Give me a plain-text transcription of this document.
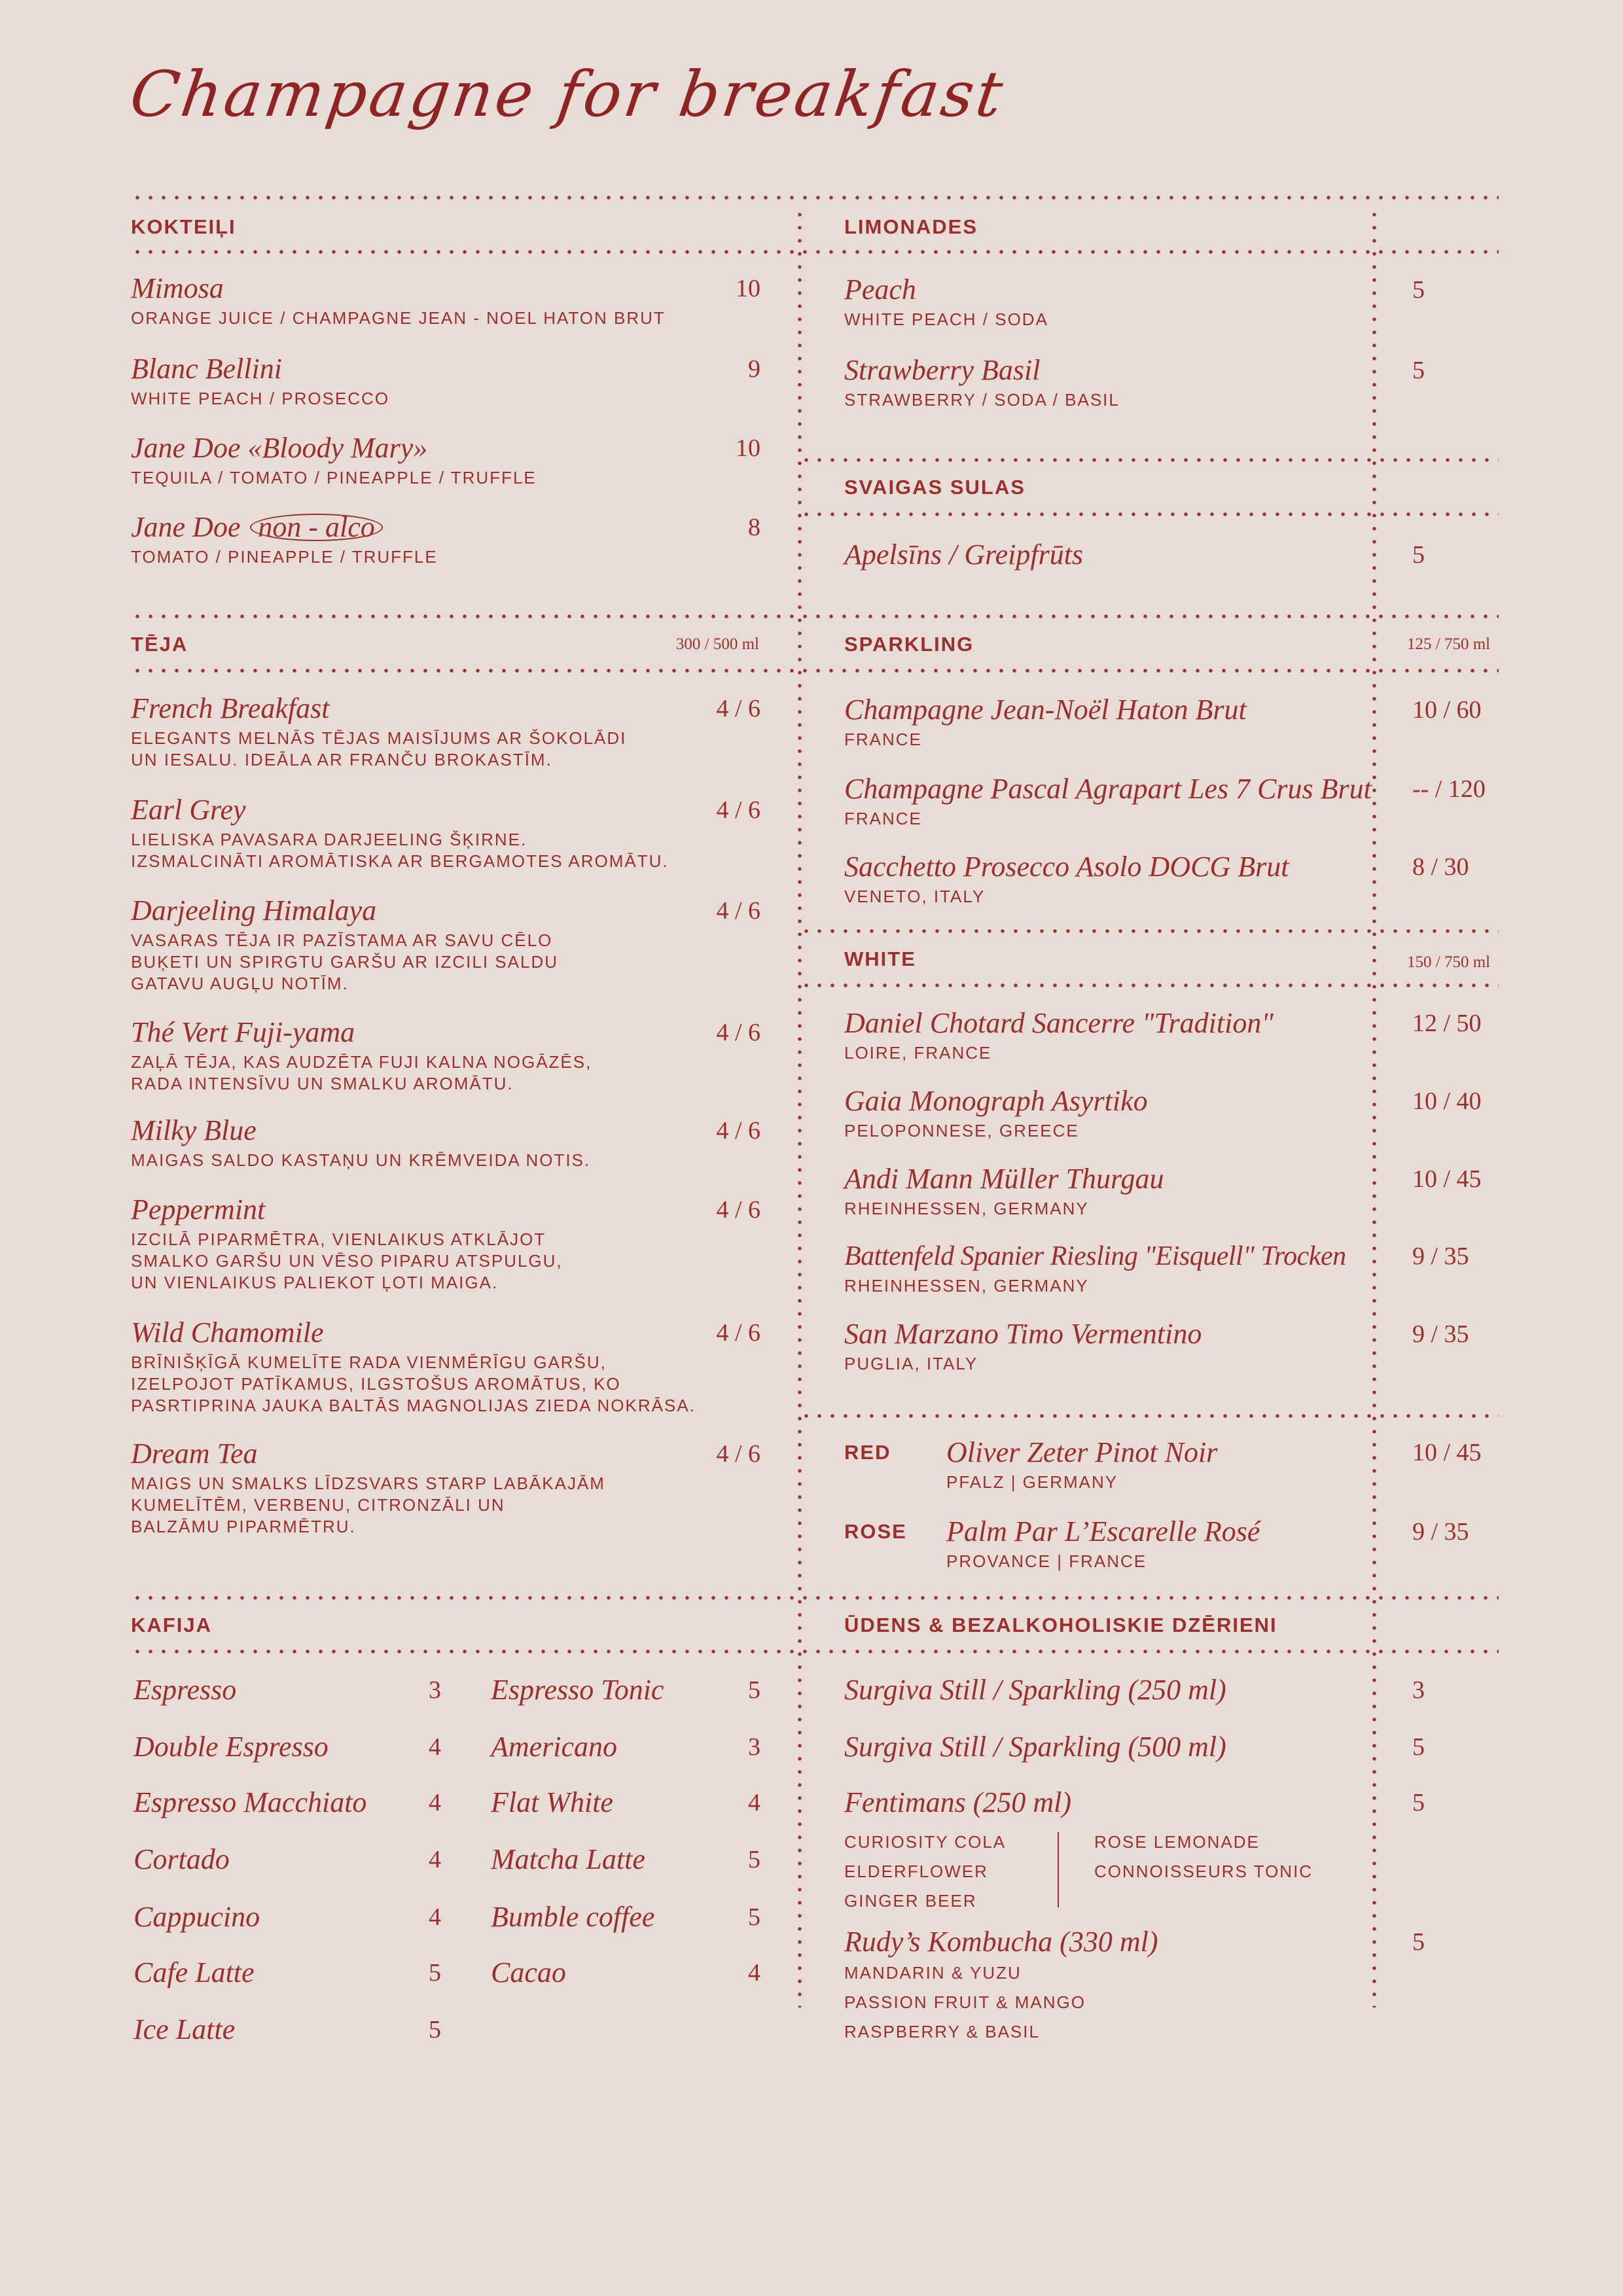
Champagne for breakfast
KOKTEIĻI
Mimosa	10
ORANGE JUICE / CHAMPAGNE JEAN - NOEL HATON BRUT
Blanc Bellini	9
WHITE PEACH / PROSECCO
Jane Doe «Bloody Mary»	10
TEQUILA / TOMATO / PINEAPPLE / TRUFFLE
Jane Doe non - alco	8
TOMATO / PINEAPPLE / TRUFFLE
TĒJA	300 / 500 ml
French Breakfast	4 / 6
ELEGANTS MELNĀS TĒJAS MAISĪJUMS AR ŠOKOLĀDI
UN IESALU. IDEĀLA AR FRANČU BROKASTĪM.
Earl Grey	4 / 6
LIELISKA PAVASARA DARJEELING ŠĶIRNE.
IZSMALCINĀTI AROMĀTISKA AR BERGAMOTES AROMĀTU.
Darjeeling Himalaya	4 / 6
VASARAS TĒJA IR PAZĪSTAMA AR SAVU CĒLO
BUĶETI UN SPIRGTU GARŠU AR IZCILI SALDU
GATAVU AUGĻU NOTĪM.
Thé Vert Fuji-yama	4 / 6
ZAĻĀ TĒJA, KAS AUDZĒTA FUJI KALNA NOGĀZĒS,
RADA INTENSĪVU UN SMALKU AROMĀTU.
Milky Blue	4 / 6
MAIGAS SALDO KASTAŅU UN KRĒMVEIDA NOTIS.
Peppermint	4 / 6
IZCILĀ PIPARMĒTRA, VIENLAIKUS ATKLĀJOT
SMALKO GARŠU UN VĒSO PIPARU ATSPULGU,
UN VIENLAIKUS PALIEKOT ĻOTI MAIGA.
Wild Chamomile	4 / 6
BRĪNIŠĶĪGĀ KUMELĪTE RADA VIENMĒRĪGU GARŠU,
IZELPOJOT PATĪKAMUS, ILGSTOŠUS AROMĀTUS, KO
PASRTIPRINA JAUKA BALTĀS MAGNOLIJAS ZIEDA NOKRĀSA.
Dream Tea	4 / 6
MAIGS UN SMALKS LĪDZSVARS STARP LABĀKAJĀM
KUMELĪTĒM, VERBENU, CITRONZĀLI UN
BALZĀMU PIPARMĒTRU.
KAFIJA
Espresso	3 Espresso Tonic	5
Double Espresso	4 Americano	3
Espresso Macchiato 4 Flat White	4
Cortado	4 Matcha Latte	5
Cappucino	4 Bumble coffee	5
Cafe Latte	5 Cacao	4
Ice Latte	5
LIMONADES
Peach	5
WHITE PEACH / SODA
Strawberry Basil	5
STRAWBERRY / SODA / BASIL
SVAIGAS SULAS
Apelsīns / Greipfrūts	5
SPARKLING	125 / 750 ml
Champagne Jean-Noël Haton Brut	10 / 60
FRANCE
Champagne Pascal Agrapart Les 7 Crus Brut	-- / 120
FRANCE
Sacchetto Prosecco Asolo DOCG Brut	8 / 30
VENETO, ITALY
WHITE	150 / 750 ml
Daniel Chotard Sancerre "Tradition"	12 / 50
LOIRE, FRANCE
Gaia Monograph Asyrtiko	10 / 40
PELOPONNESE, GREECE
Andi Mann Müller Thurgau	10 / 45
RHEINHESSEN, GERMANY
Battenfeld Spanier Riesling "Eisquell" Trocken	9 / 35
RHEINHESSEN, GERMANY
San Marzano Timo Vermentino	9 / 35
PUGLIA, ITALY
RED Oliver Zeter Pinot Noir	10 / 45
PFALZ | GERMANY
ROSE Palm Par L’Escarelle Rosé	9 / 35
PROVANCE | FRANCE
ŪDENS & BEZALKOHOLISKIE DZĒRIENI
Surgiva Still / Sparkling (250 ml)	3
Surgiva Still / Sparkling (500 ml)	5
Fentimans (250 ml)	5
CURIOSITY COLA
ELDERFLOWER
GINGER BEER
ROSE LEMONADE
CONNOISSEURS TONIC
Rudy’s Kombucha (330 ml)	5
MANDARIN & YUZU
PASSION FRUIT & MANGO
RASPBERRY & BASIL
